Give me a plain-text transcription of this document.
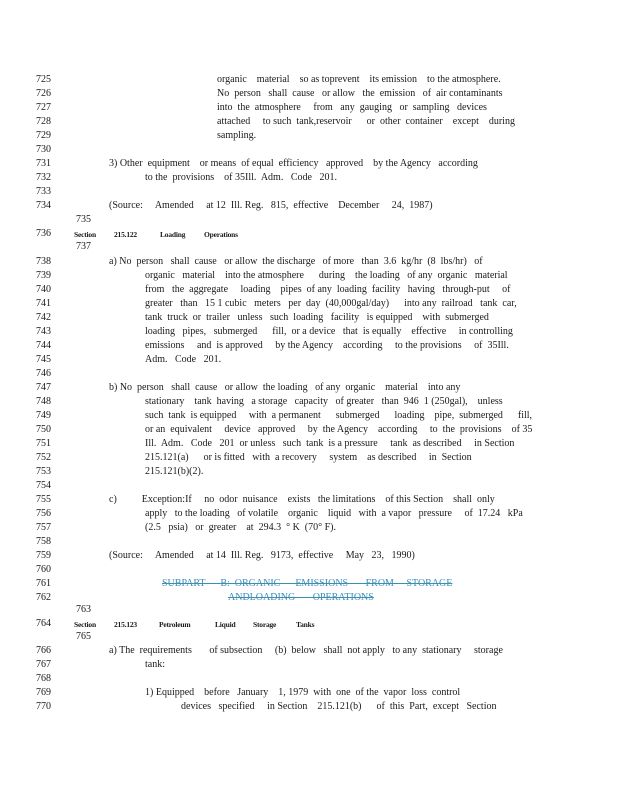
725	organic    material    so as toprevent    its emission    to the atmosphere.
726	No  person   shall  cause   or allow   the  emission   of  air contaminants
727	into  the  atmosphere     from   any  gauging   or  sampling   devices
728	attached     to such  tank,reservoir      or  other  container    except    during
729	sampling.
730
731	3) Other  equipment    or means  of equal  efficiency   approved    by the Agency   according
732	to the  provisions    of 35Ill.  Adm.   Code   201.
733
734	(Source:     Amended     at 12  Ill. Reg.   815,  effective    December     24,  1987)
735
736	Section 215.122	Loading Operations
737
738	a) No  person   shall  cause   or allow  the discharge   of more   than  3.6  kg/hr  (8  lbs/hr)   of
739	organic   material    into the atmosphere      during    the loading   of any  organic   material
740	from   the  aggregate     loading    pipes  of any  loading  facility   having   through-put     of
741	greater   than   15 1 cubic   meters   per  day  (40,000gal/day)      into any  railroad   tank  car,
742	tank  truck  or  trailer   unless   such  loading   facility   is equipped    with  submerged
743	loading   pipes,   submerged      fill,  or a device   that  is equally    effective     in controlling
744	emissions     and  is approved     by the Agency    according     to the provisions     of  35Ill.
745	Adm.   Code   201.
746
747	b) No  person   shall  cause   or allow  the loading   of any  organic    material    into any
748	stationary    tank  having   a storage   capacity   of greater   than  946  1 (250gal),    unless
749	such  tank  is equipped     with  a permanent      submerged      loading    pipe,  submerged      fill,
750	or an  equivalent     device   approved     by  the Agency    according     to  the  provisions    of 35
751	Ill.  Adm.   Code   201  or unless   such  tank  is a pressure     tank  as described     in Section
752	215.121(a)      or is fitted   with  a recovery     system    as described     in  Section
753	215.121(b)(2).
754
755	c)          Exception:If     no  odor  nuisance    exists   the limitations    of this Section    shall  only
756	apply   to the loading   of volatile    organic    liquid   with  a vapor   pressure     of  17.24   kPa
757	(2.5   psia)   or  greater    at  294.3  ° K  (70° F).
758
759	(Source:     Amended     at 14  Ill. Reg.   9173,  effective     May   23,   1990)
760
761	SUBPART      B:  ORGANIC      EMISSIONS       FROM     STORAGE
762	ANDLOADING       OPERATIONS
763
764	Section 215.123	Petroleum	Liquid Storage	Tanks
765
766	a) The  requirements       of subsection     (b)  below   shall  not apply   to any  stationary     storage
767	tank:
768
769	1) Equipped    before   January    1, 1979  with  one  of the  vapor  loss  control
770	devices   specified     in Section    215.121(b)      of  this  Part,  except   Section
